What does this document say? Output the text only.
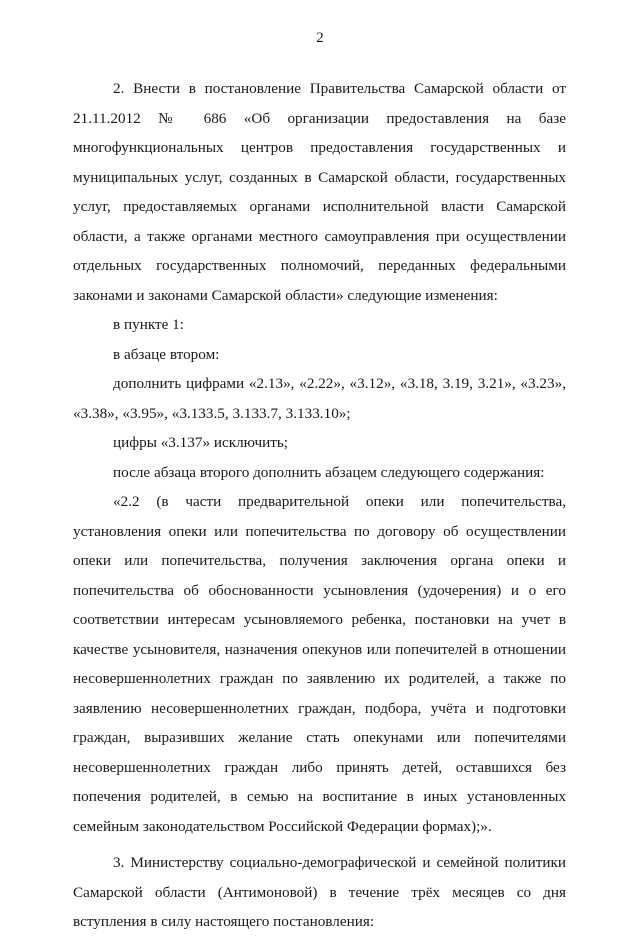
2

2. Внести в постановление Правительства Самарской области от 21.11.2012 № 686 «Об организации предоставления на базе многофункциональных центров предоставления государственных и муниципальных услуг, созданных в Самарской области, государственных услуг, предоставляемых органами исполнительной власти Самарской области, а также органами местного самоуправления при осуществлении отдельных государственных полномочий, переданных федеральными законами и законами Самарской области» следующие изменения:

в пункте 1:

в абзаце втором:

дополнить цифрами «2.13», «2.22», «3.12», «3.18, 3.19, 3.21», «3.23», «3.38», «3.95», «3.133.5, 3.133.7, 3.133.10»;

цифры «3.137» исключить;

после абзаца второго дополнить абзацем следующего содержания:

«2.2 (в части предварительной опеки или попечительства, установления опеки или попечительства по договору об осуществлении опеки или попечительства, получения заключения органа опеки и попечительства об обоснованности усыновления (удочерения) и о его соответствии интересам усыновляемого ребенка, постановки на учет в качестве усыновителя, назначения опекунов или попечителей в отношении несовершеннолетних граждан по заявлению их родителей, а также по заявлению несовершеннолетних граждан, подбора, учёта и подготовки граждан, выразивших желание стать опекунами или попечителями несовершеннолетних граждан либо принять детей, оставшихся без попечения родителей, в семью на воспитание в иных установленных семейным законодательством Российской Федерации формах);».

3. Министерству социально-демографической и семейной политики Самарской области (Антимоновой) в течение трёх месяцев со дня вступления в силу настоящего постановления:
